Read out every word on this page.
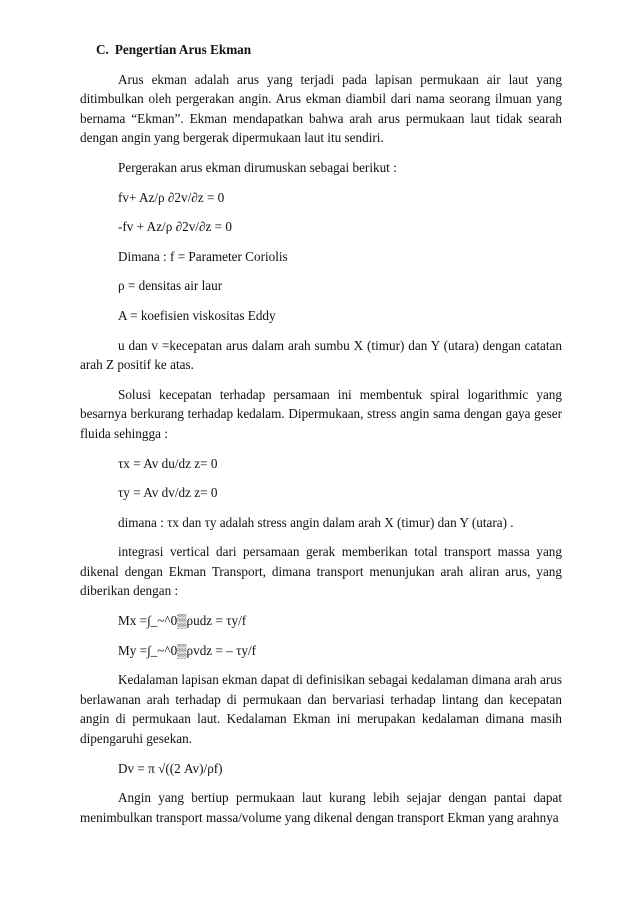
C. Pengertian Arus Ekman

Arus ekman adalah arus yang terjadi pada lapisan permukaan air laut yang ditimbulkan oleh pergerakan angin. Arus ekman diambil dari nama seorang ilmuan yang bernama “Ekman”. Ekman mendapatkan bahwa arah arus permukaan laut tidak searah dengan angin yang bergerak dipermukaan laut itu sendiri.

Pergerakan arus ekman dirumuskan sebagai berikut :

fv+ Az/ρ ∂2v/∂z = 0

-fv + Az/ρ ∂2v/∂z = 0

Dimana : f = Parameter Coriolis

ρ = densitas air laur

A = koefisien viskositas Eddy

u dan v =kecepatan arus dalam arah sumbu X (timur) dan Y (utara) dengan catatan arah Z positif ke atas.

Solusi kecepatan terhadap persamaan ini membentuk spiral logarithmic yang besarnya berkurang terhadap kedalam. Dipermukaan, stress angin sama dengan gaya geser fluida sehingga :

τx = Av du/dz z= 0

τy = Av dv/dz z= 0

dimana : τx dan τy adalah stress angin dalam arah X (timur) dan Y (utara) .

integrasi vertical dari persamaan gerak memberikan total transport massa yang dikenal dengan Ekman Transport, dimana transport menunjukan arah aliran arus, yang diberikan dengan :

Mx =∫_~^0▒ρudz = τy/f

My =∫_~^0▒ρvdz = – τy/f

Kedalaman lapisan ekman dapat di definisikan sebagai kedalaman dimana arah arus berlawanan arah terhadap di permukaan dan bervariasi terhadap lintang dan kecepatan angin di permukaan laut. Kedalaman Ekman ini merupakan kedalaman dimana masih dipengaruhi gesekan.

Dv = π √((2 Av)/ρf)

Angin yang bertiup permukaan laut kurang lebih sejajar dengan pantai dapat menimbulkan transport massa/volume yang dikenal dengan transport Ekman yang arahnya
